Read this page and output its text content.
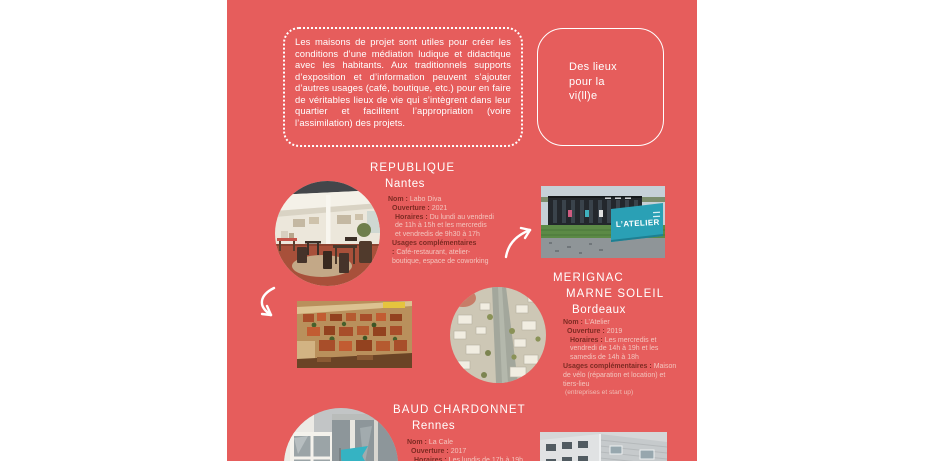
Les maisons de projet sont utiles pour créer les conditions d’une médiation ludique et didactique avec les habitants. Aux traditionnels supports d’exposition et d’information peuvent s’ajouter d’autres usages (café, boutique, etc.) pour en faire de véritables lieux de vie qui s’intègrent dans leur quartier et facilitent l’appropriation (voire l’assimilation) des projets.

Des lieux
pour la
vi(ll)e
L’ATELIER
REPUBLIQUE
Nantes

Nom : Labo Diva

Ouverture : 2021

Horaires : Du lundi au vendredi de 11h à 15h et les mercredis et vendredis de 9h30 à 17h

Usages complémentaires : Café-restaurant, atelier-boutique, espace de coworking

MERIGNAC
MARNE SOLEIL
Bordeaux

Nom : L’Atelier

Ouverture : 2019

Horaires : Les mercredis et vendredi de 14h à 19h et les samedis de 14h à 18h

Usages complémentaires : Maison de vélo (réparation et location) et tiers-lieu

(entreprises et start up)

BAUD CHARDONNET
Rennes

Nom : La Cale

Ouverture : 2017

Horaires : Les lundis de 17h à 19h
